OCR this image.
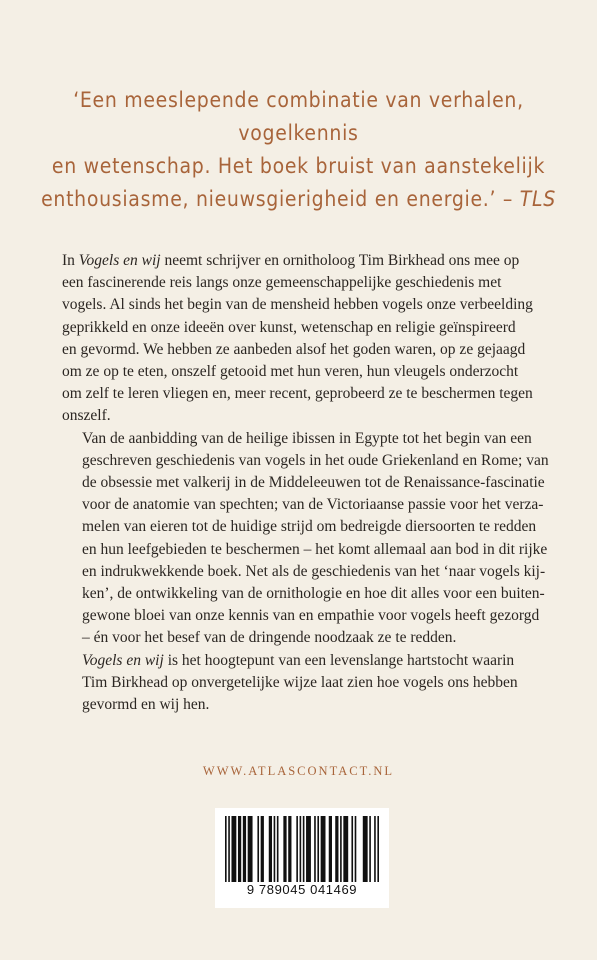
‘Een meeslepende combinatie van verhalen, vogelkennis
en wetenschap. Het boek bruist van aanstekelijk
enthousiasme, nieuwsgierigheid en energie.’ – TLS

In Vogels en wij neemt schrijver en ornitholoog Tim Birkhead ons mee op
een fascinerende reis langs onze gemeenschappelijke geschiedenis met
vogels. Al sinds het begin van de mensheid hebben vogels onze verbeelding
geprikkeld en onze ideeën over kunst, wetenschap en religie geïnspireerd
en gevormd. We hebben ze aanbeden alsof het goden waren, op ze gejaagd
om ze op te eten, onszelf getooid met hun veren, hun vleugels onderzocht
om zelf te leren vliegen en, meer recent, geprobeerd ze te beschermen tegen
onszelf.

Van de aanbidding van de heilige ibissen in Egypte tot het begin van een
geschreven geschiedenis van vogels in het oude Griekenland en Rome; van
de obsessie met valkerij in de Middeleeuwen tot de Renaissance-fascinatie
voor de anatomie van spechten; van de Victoriaanse passie voor het verza-
melen van eieren tot de huidige strijd om bedreigde diersoorten te redden
en hun leefgebieden te beschermen – het komt allemaal aan bod in dit rijke
en indrukwekkende boek. Net als de geschiedenis van het ‘naar vogels kij-
ken’, de ontwikkeling van de ornithologie en hoe dit alles voor een buiten-
gewone bloei van onze kennis van en empathie voor vogels heeft gezorgd
– én voor het besef van de dringende noodzaak ze te redden.

Vogels en wij is het hoogtepunt van een levenslange hartstocht waarin
Tim Birkhead op onvergetelijke wijze laat zien hoe vogels ons hebben
gevormd en wij hen.

WWW.ATLASCONTACT.NL
9 789045 041469
